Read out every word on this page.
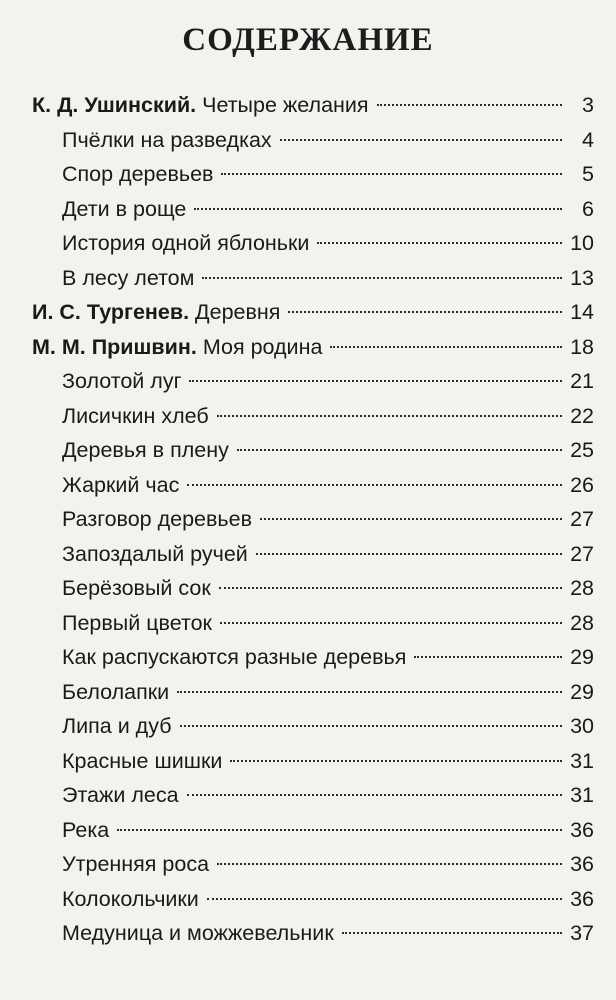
СОДЕРЖАНИЕ
К. Д. Ушинский. Четыре желания	3
Пчёлки на разведках	4
Спор деревьев	5
Дети в роще	6
История одной яблоньки	10
В лесу летом	13
И. С. Тургенев. Деревня	14
М. М. Пришвин. Моя родина	18
Золотой луг	21
Лисичкин хлеб	22
Деревья в плену	25
Жаркий час	26
Разговор деревьев	27
Запоздалый ручей	27
Берёзовый сок	28
Первый цветок	28
Как распускаются разные деревья	29
Белолапки	29
Липа и дуб	30
Красные шишки	31
Этажи леса	31
Река	36
Утренняя роса	36
Колокольчики	36
Медуница и можжевельник	37
